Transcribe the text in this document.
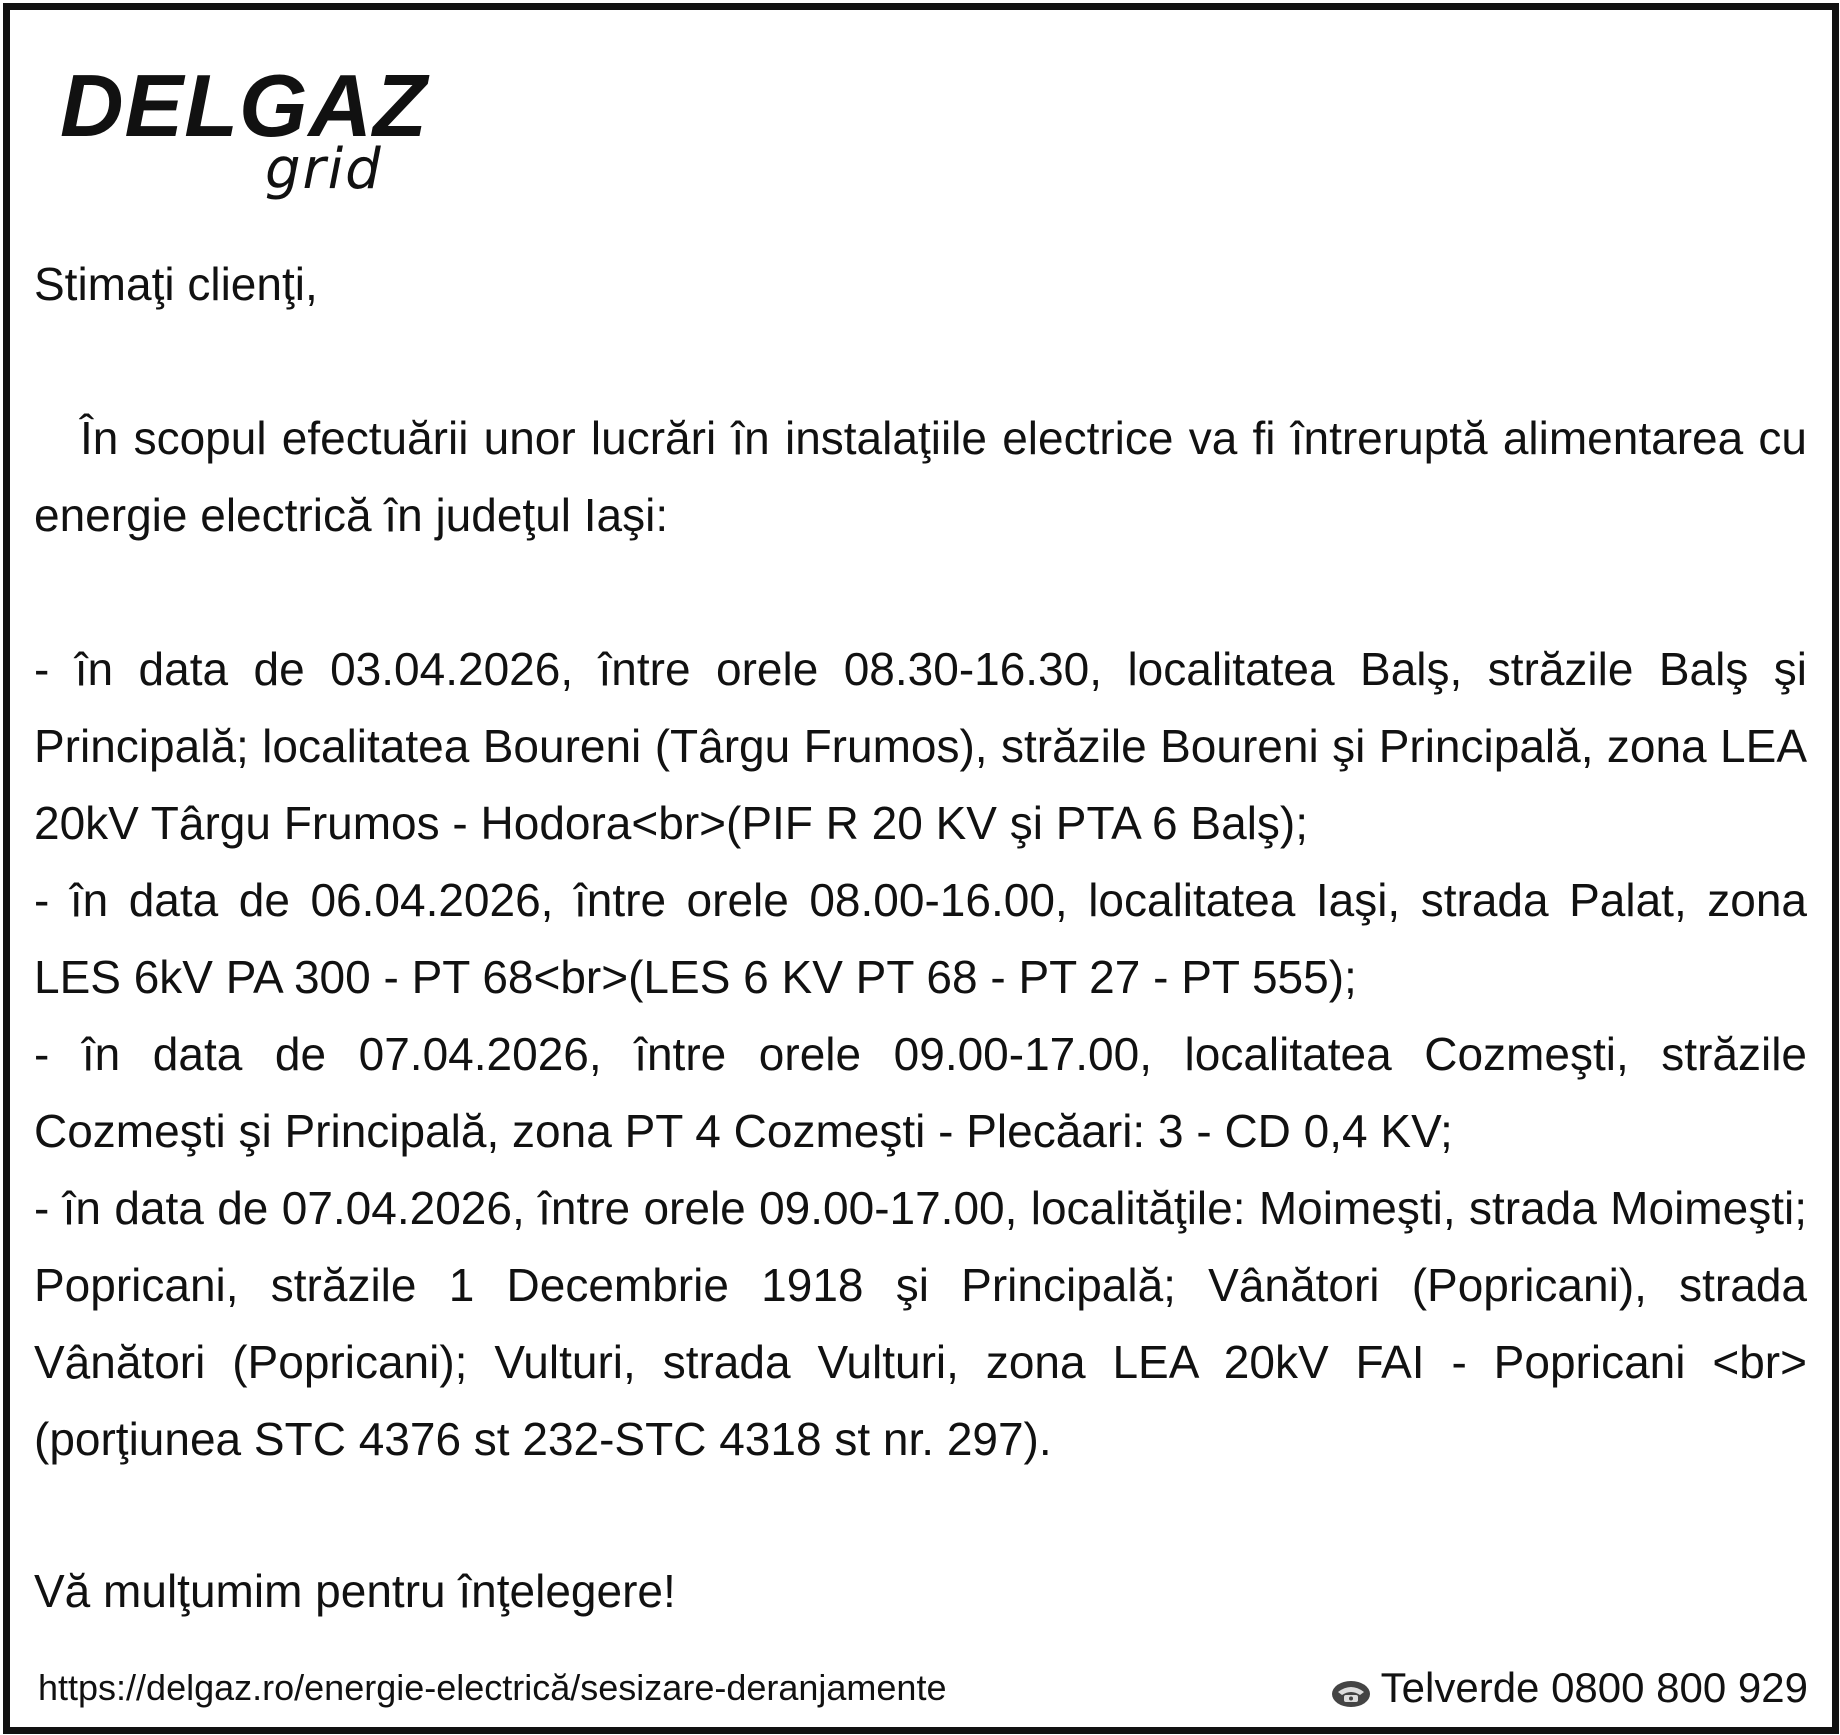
DELGAZ
grid

Stimaţi clienţi,

În scopul efectuării unor lucrări în instalaţiile electrice va fi întreruptă alimentarea cu energie electrică în judeţul Iaşi:

- în data de 03.04.2026, între orele 08.30-16.30, localitatea Balş, străzile Balş şi Principală; localitatea Boureni (Târgu Frumos), străzile Boureni şi Principală, zona LEA 20kV Târgu Frumos - Hodora<br>(PIF R 20 KV şi PTA 6 Balş);

- în data de 06.04.2026, între orele 08.00-16.00, localitatea Iaşi, strada Palat, zona LES 6kV PA 300 - PT 68<br>(LES 6 KV PT 68 - PT 27 - PT 555);

- în data de 07.04.2026, între orele 09.00-17.00, localitatea Cozmeşti, străzile Cozmeşti şi Principală, zona PT 4 Cozmeşti - Plecăari: 3 - CD 0,4 KV;

- în data de 07.04.2026, între orele 09.00-17.00, localităţile: Moimeşti, strada Moimeşti; Popricani, străzile 1 Decembrie 1918 şi Principală; Vânători (Popricani), strada Vânători (Popricani); Vulturi, strada Vulturi, zona LEA 20kV FAI - Popricani <br> (porţiunea STC 4376 st 232-STC 4318 st nr. 297).

Vă mulţumim pentru înţelegere!

https://delgaz.ro/energie-electrică/sesizare-deranjamente	Telverde 0800 800 929
